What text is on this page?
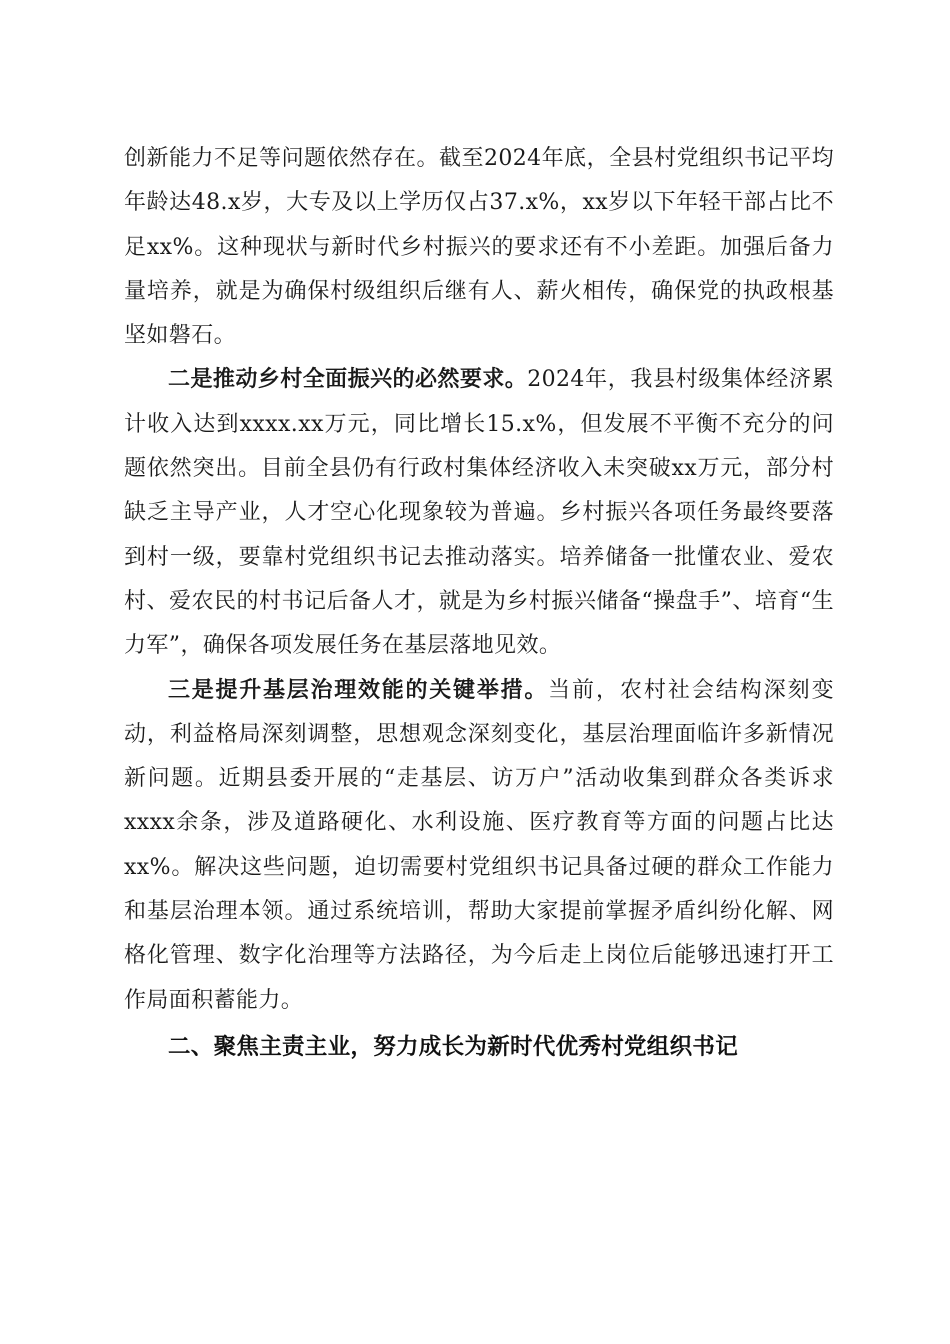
创新能力不足等问题依然存在。截至2024年底，全县村党组织书记平均年龄达48.x岁，大专及以上学历仅占37.x%，xx岁以下年轻干部占比不足xx%。这种现状与新时代乡村振兴的要求还有不小差距。加强后备力量培养，就是为确保村级组织后继有人、薪火相传，确保党的执政根基坚如磐石。

二是推动乡村全面振兴的必然要求。2024年，我县村级集体经济累计收入达到xxxx.xx万元，同比增长15.x%，但发展不平衡不充分的问题依然突出。目前全县仍有行政村集体经济收入未突破xx万元，部分村缺乏主导产业，人才空心化现象较为普遍。乡村振兴各项任务最终要落到村一级，要靠村党组织书记去推动落实。培养储备一批懂农业、爱农村、爱农民的村书记后备人才，就是为乡村振兴储备“操盘手”、培育“生力军”，确保各项发展任务在基层落地见效。

三是提升基层治理效能的关键举措。当前，农村社会结构深刻变动，利益格局深刻调整，思想观念深刻变化，基层治理面临许多新情况新问题。近期县委开展的“走基层、访万户”活动收集到群众各类诉求xxxx余条，涉及道路硬化、水利设施、医疗教育等方面的问题占比达xx%。解决这些问题，迫切需要村党组织书记具备过硬的群众工作能力和基层治理本领。通过系统培训，帮助大家提前掌握矛盾纠纷化解、网格化管理、数字化治理等方法路径，为今后走上岗位后能够迅速打开工作局面积蓄能力。

二、聚焦主责主业，努力成长为新时代优秀村党组织书记
